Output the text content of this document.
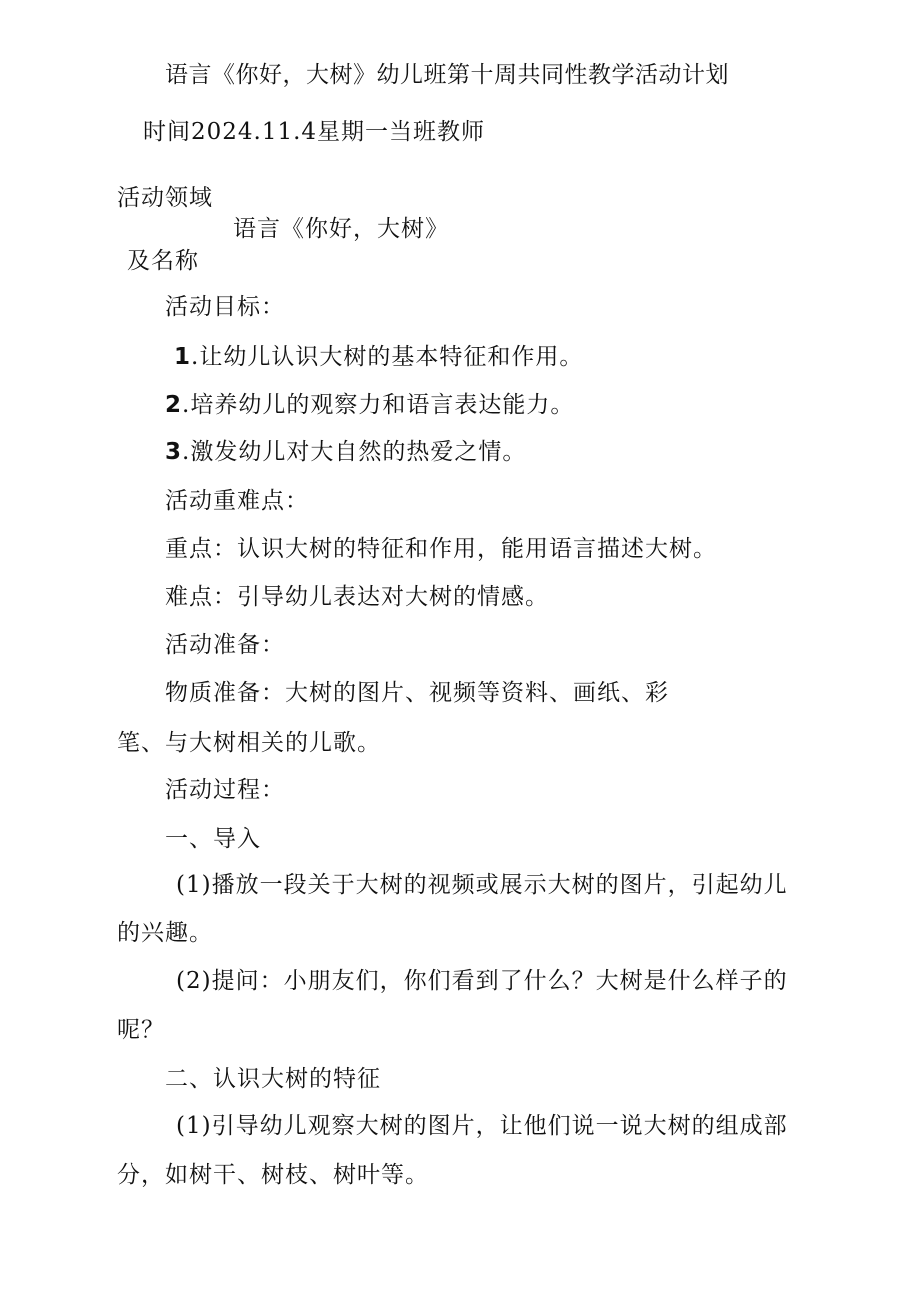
语言《你好，大树》幼儿班第十周共同性教学活动计划
时间2024.11.4星期一当班教师
活动领域
语言《你好，大树》
及名称
活动目标：
1.让幼儿认识大树的基本特征和作用。
2.培养幼儿的观察力和语言表达能力。
3.激发幼儿对大自然的热爱之情。
活动重难点：
重点：认识大树的特征和作用，能用语言描述大树。
难点：引导幼儿表达对大树的情感。
活动准备：
物质准备：大树的图片、视频等资料、画纸、彩
笔、与大树相关的儿歌。
活动过程：
一、导入
(1)播放一段关于大树的视频或展示大树的图片，引起幼儿
的兴趣。
(2)提问：小朋友们，你们看到了什么？大树是什么样子的
呢？
二、认识大树的特征
(1)引导幼儿观察大树的图片，让他们说一说大树的组成部
分，如树干、树枝、树叶等。
